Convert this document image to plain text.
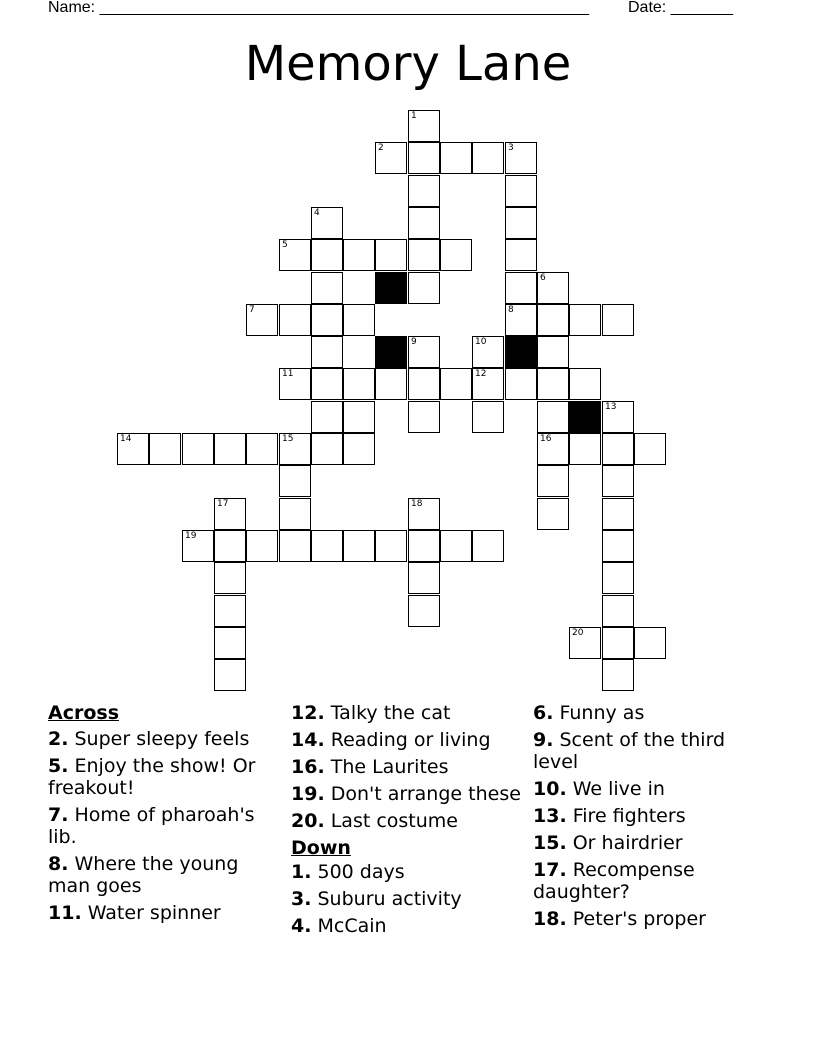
Name: _______________________________________________________ Date: _______
Memory Lane
1
2	3
4
5
6
7	8
9	10
11	12
13
14	15	16
17	18
19
20
Across
2. Super sleepy feels
5. Enjoy the show! Or freakout!
7. Home of pharoah's lib.
8. Where the young man goes
11. Water spinner
12. Talky the cat
14. Reading or living
16. The Laurites
19. Don't arrange these
20. Last costume
Down
1. 500 days
3. Suburu activity
4. McCain
6. Funny as
9. Scent of the third level
10. We live in
13. Fire fighters
15. Or hairdrier
17. Recompense daughter?
18. Peter's proper
